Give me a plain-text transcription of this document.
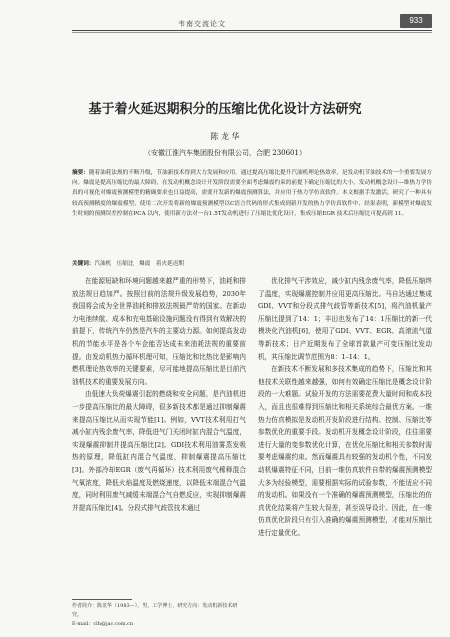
韦南交流论文	933
基于着火延迟期积分的压缩比优化设计方法研究
陈 龙 华
（安徽江淮汽车集团股份有限公司，合肥 230601）
摘要：随着油耗法规的不断升级，节油新技术得到大力发展和应用。通过提高压缩比提升汽油机理论热效率，是发动机节油技术的一个重要发展方向。爆震是提高压缩比的最大障碍，在发动机概念设计开发阶段需要全面考虑爆震约束的前提下确定压缩比的大小。发动机概念设计—维热力学仿真的可视化对爆震预测模型的精确要求也日益提高，需要开发新的爆震预测算法，并应用于热力学仿真软件。本文根据手发激活，研究了一种具有较高预测精度的爆震模型，使用二次开发将新的爆震预测模型以C语言代码的形式集成到新开发的热力学仿真软件中，经果表明，新模型对爆震发生时刻的预测误差控制在PCA 以内，使用新方法对一台1.5T发动机进行了压缩比优化设计，集成压缩EGR 技术后压缩比可提高到 11。
关键词：汽油机　压缩比　爆震　着火延迟期

在能源短缺和环境问题越来越严重的形势下，油耗和排放法规日趋加严。按照目前的法规升级发展趋势，2030年我国将会成为全世界油耗和排放法规最严苛的国家。在新动力电池续航、成本和充电基础设施问题没有得到有效解决的前提下，传统汽车仍然是汽车的主要动力源。如何提高发动机的节能水平是各个车企能否达成未来油耗法规的重要前提。由发动机热力循环机理可知，压缩比和比热比是影响内燃机理论热效率的关键要素，尽可能地提高压缩比是目前汽油机技术的重要发展方向。

由低速大负荷爆震引起的燃烧和安全问题，是汽油机进一步提高压缩比的最大障碍，很多新技术都是通过抑制爆震来提高压缩比从而实现节能[1]。例如，VVT技术利用打气减小缸内残余废气率，降低进气门关闭时缸内混合气温度，实现爆震抑制并提高压缩比[2]。GDI技术利用油雾蒸发吸热的原理，降低缸内混合气温度，抑制爆震提高压缩比[3]。外部冷却EGR（废气再循环）技术利用废气稀释混合气氧浓度，降低火焰温度及燃烧速度，以降低末端混合气温度，同时利用废气减缓末端混合气自燃反应，实现抑制爆震并提高压缩比[4]。分段式排气歧管技术通过

优化排气干涉效应，减少缸内残余废气率，降低压缩终了温度，实现爆震控制并应用更高压缩比。马自达通过集成GDI、VVT和分段式排气歧管等新技术[5]，将汽油机量产压缩比提到了14：1；丰田也发布了14：1压缩比的新一代模块化汽油机[6]，使用了GDI、VVT、EGR、高滚流气道等新技术；日产近期发布了全球首款量产可变压缩比发动机，其压缩比调节范围为8：1–14：1。

在新技术不断发展和多技术集成的趋势下，压缩比和其他技术关联性越来越强，如何有效确定压缩比是概念设计阶段的一大难题。试验开发的方法需要花费大量时间和成本投入，而且也很难得到压缩比和相关系统综合最优方案。一维热力仿真模拟是发动机开发阶段进行结构、控制、压缩比等参数优化的重要手段。发动机开发概念设计阶段，往往需要进行大量的变参数优化计算，在优化压缩比和相关参数时需要考虑爆震约束。然而爆震具有较强的发动机个性，不同发动机爆震特征不同，目前一维仿真软件自带的爆震预测模型大多为经验模型，需要根据实际的试验参数，不能适应不同的发动机。如果没有一个准确的爆震预测模型，压缩比的仿真优化结果将产生较大误差，甚至误导设计。因此，在一维仿真优化阶段只有引入准确的爆震预测模型，才能对压缩比进行定量优化。

作者简介：陈龙华（1983—），男，工学博士，研究方向：发动机新技术研究。
E-mail：clh@jac.com.cn
